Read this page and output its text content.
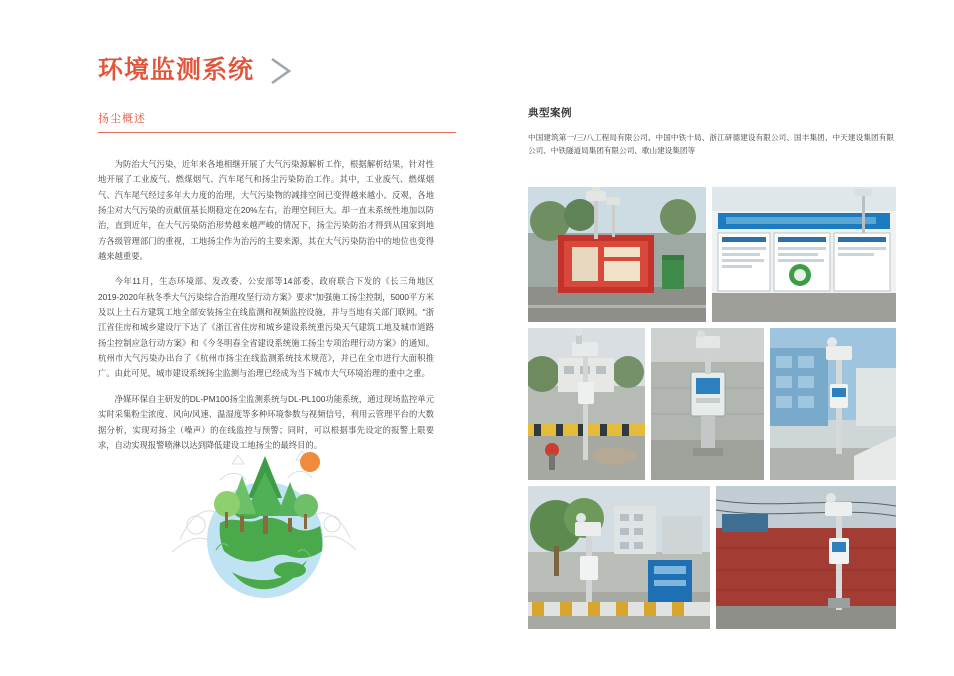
环境监测系统
扬尘概述

为防治大气污染，近年来各地相继开展了大气污染源解析工作，根据解析结果，针对性地开展了工业废气、燃煤烟气、汽车尾气和扬尘污染防治工作。其中，工业废气、燃煤烟气、汽车尾气经过多年大力度的治理，大气污染物的减排空间已变得越来越小。反观，各地扬尘对大气污染的贡献值基长期稳定在20%左右，治理空间巨大。却一直未系统性地加以防治，直到近年，在大气污染防治形势越来越严峻的情况下，扬尘污染防治才得到从国家到地方各级管理部门的重视，工地扬尘作为治污的主要来源，其在大气污染防治中的地位也变得越来越重要。

今年11月，生态环境部、发改委、公安部等14部委、政府联合下发的《长三角地区2019-2020年秋冬季大气污染综合治理攻坚行动方案》要求"加强施工扬尘控制，5000平方米及以上土石方建筑工地全部安装扬尘在线监测和视频监控设施，并与当地有关部门联网。"浙江省住房和城乡建设厅下达了《浙江省住房和城乡建设系统重污染天气建筑工地及城市道路扬尘控制应急行动方案》和《今冬明春全省建设系统施工扬尘专项治理行动方案》的通知。杭州市大气污染办出台了《杭州市扬尘在线监测系统技术规范》，并已在全市进行大面积推广。由此可见，城市建设系统扬尘监测与治理已经成为当下城市大气环境治理的重中之重。

净媒环保自主研发的DL-PM100扬尘监测系统与DL-PL100功能系统，通过现场监控单元实时采集粉尘浓度、风向/风速、温湿度等多种环境参数与视频信号，利用云管理平台的大数据分析，实现对扬尘（噪声）的在线监控与预警；同时，可以根据事先设定的报警上限要求，自动实现报警喷淋以达到降低建设工地扬尘的最终目的。

典型案例
中国建筑第一/三/八工程局有限公司、中国中铁十局、浙江研德建设有限公司、国丰集团、中天建设集团有限公司、中铁隧道局集团有限公司、歌山建设集团等
